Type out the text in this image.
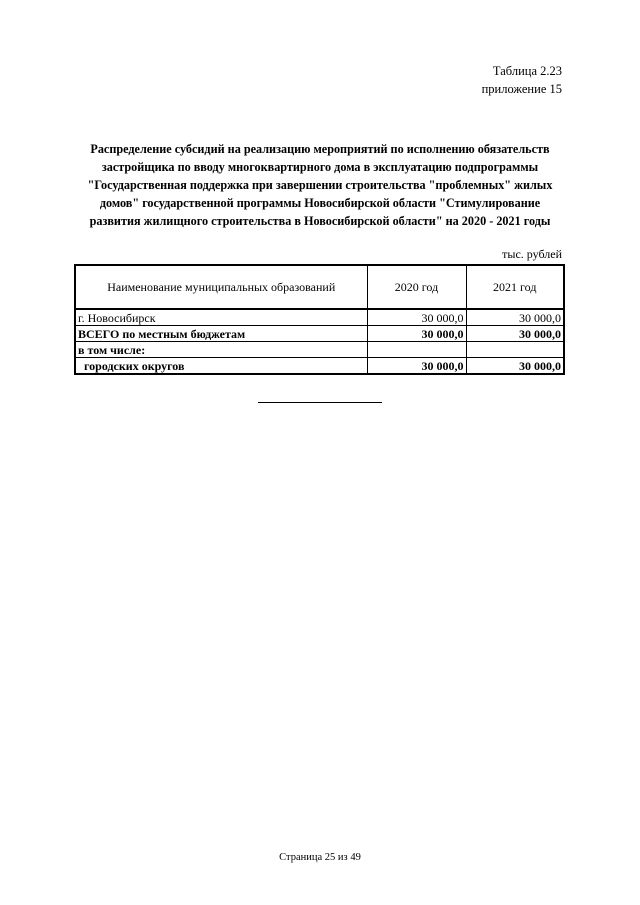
Таблица 2.23
приложение 15
Распределение субсидий на реализацию мероприятий по исполнению обязательств
застройщика по вводу многоквартирного дома в эксплуатацию подпрограммы
"Государственная поддержка при завершении строительства "проблемных" жилых
домов" государственной программы Новосибирской области "Стимулирование
развития жилищного строительства в Новосибирской области" на 2020 - 2021 годы
тыс. рублей
Наименование муниципальных образований	2020 год	2021 год
г. Новосибирск	30 000,0	30 000,0
ВСЕГО по местным бюджетам	30 000,0	30 000,0
в том числе:		
городских округов	30 000,0	30 000,0
Страница 25 из 49
